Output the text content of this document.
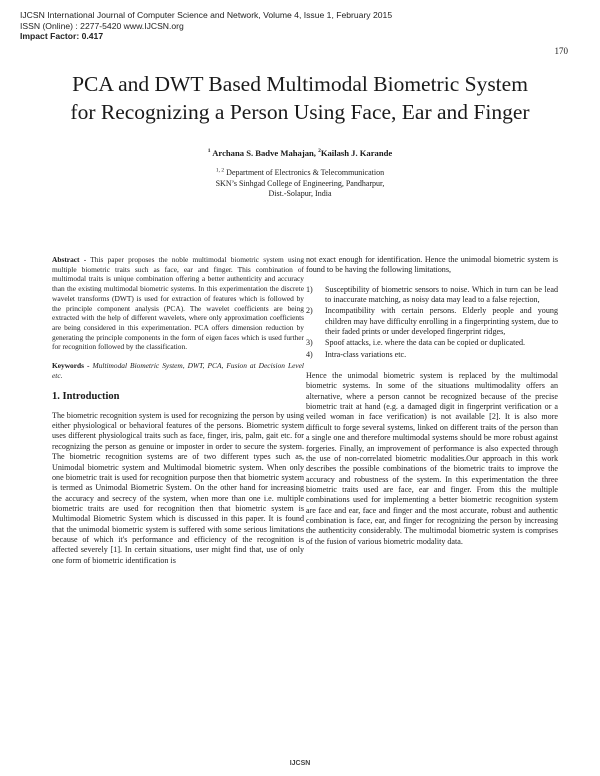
IJCSN International Journal of Computer Science and Network, Volume 4, Issue 1, February 2015
ISSN (Online) : 2277-5420 www.IJCSN.org
Impact Factor: 0.417
170
PCA and DWT Based Multimodal Biometric System
for Recognizing a Person Using Face, Ear and Finger
$^1$ Archana S. Badve Mahajan, $^2$Kailash J. Karande
$^{1, 2}$ Department of Electronics & Telecommunication
SKN’s Sinhgad College of Engineering, Pandharpur,
Dist.-Solapur, India

Abstract - This paper proposes the noble multimodal biometric system using multiple biometric traits such as face, ear and finger. This combination of multimodal traits is unique combination offering a better authenticity and accuracy than the existing multimodal biometric systems. In this experimentation the discrete wavelet transforms (DWT) is used for extraction of features which is followed by the principle component analysis (PCA). The wavelet coefficients are being extracted with the help of different wavelets, where only approximation coefficients are being considered in this experimentation. PCA offers dimension reduction by generating the principle components in the form of eigen faces which is used further for recognition followed by the classification.

Keywords - Multimodal Biometric System, DWT, PCA, Fusion at Decision Level etc.

1. Introduction

The biometric recognition system is used for recognizing the person by using either physiological or behavioral features of the persons. Biometric system uses different physiological traits such as face, finger, iris, palm, gait etc. for recognizing the person as genuine or imposter in order to secure the system. The biometric recognition systems are of two different types such as, Unimodal biometric system and Multimodal biometric system. When only one biometric trait is used for recognition purpose then that biometric system is termed as Unimodal Biometric System. On the other hand for increasing the accuracy and secrecy of the system, when more than one i.e. multiple biometric traits are used for recognition then that biometric system is Multimodal Biometric System which is discussed in this paper. It is found that the unimodal biometric system is suffered with some serious limitations because of which it's performance and efficiency of the recognition is affected severely [1]. In certain situations, user might find that, use of only one form of biometric identification is

not exact enough for identification. Hence the unimodal biometric system is found to be having the following limitations,

1) Susceptibility of biometric sensors to noise. Which in turn can be lead to inaccurate matching, as noisy data may lead to a false rejection,
2) Incompatibility with certain persons. Elderly people and young children may have difficulty enrolling in a fingerprinting system, due to their faded prints or under developed fingerprint ridges,
3) Spoof attacks, i.e. where the data can be copied or duplicated.
4) Intra-class variations etc.

Hence the unimodal biometric system is replaced by the multimodal biometric systems. In some of the situations multimodality offers an alternative, where a person cannot be recognized because of the precise biometric trait at hand (e.g. a damaged digit in fingerprint verification or a veiled woman in face verification) is not available [2]. It is also more difficult to forge several systems, linked on different traits of the person than a single one and therefore multimodal systems should be more robust against forgeries. Finally, an improvement of performance is also expected through the use of non-correlated biometric modalities.Our approach in this work describes the possible combinations of the biometric traits to improve the accuracy and robustness of the system. In this experimentation the three biometric traits used are face, ear and finger. From this the multiple combinations used for implementing a better biometric recognition system are face and ear, face and finger and the most accurate, robust and authentic combination is face, ear, and finger for recognizing the person by increasing the authenticity considerably. The multimodal biometric system is comprises of the fusion of various biometric modality data.

IJCSN
